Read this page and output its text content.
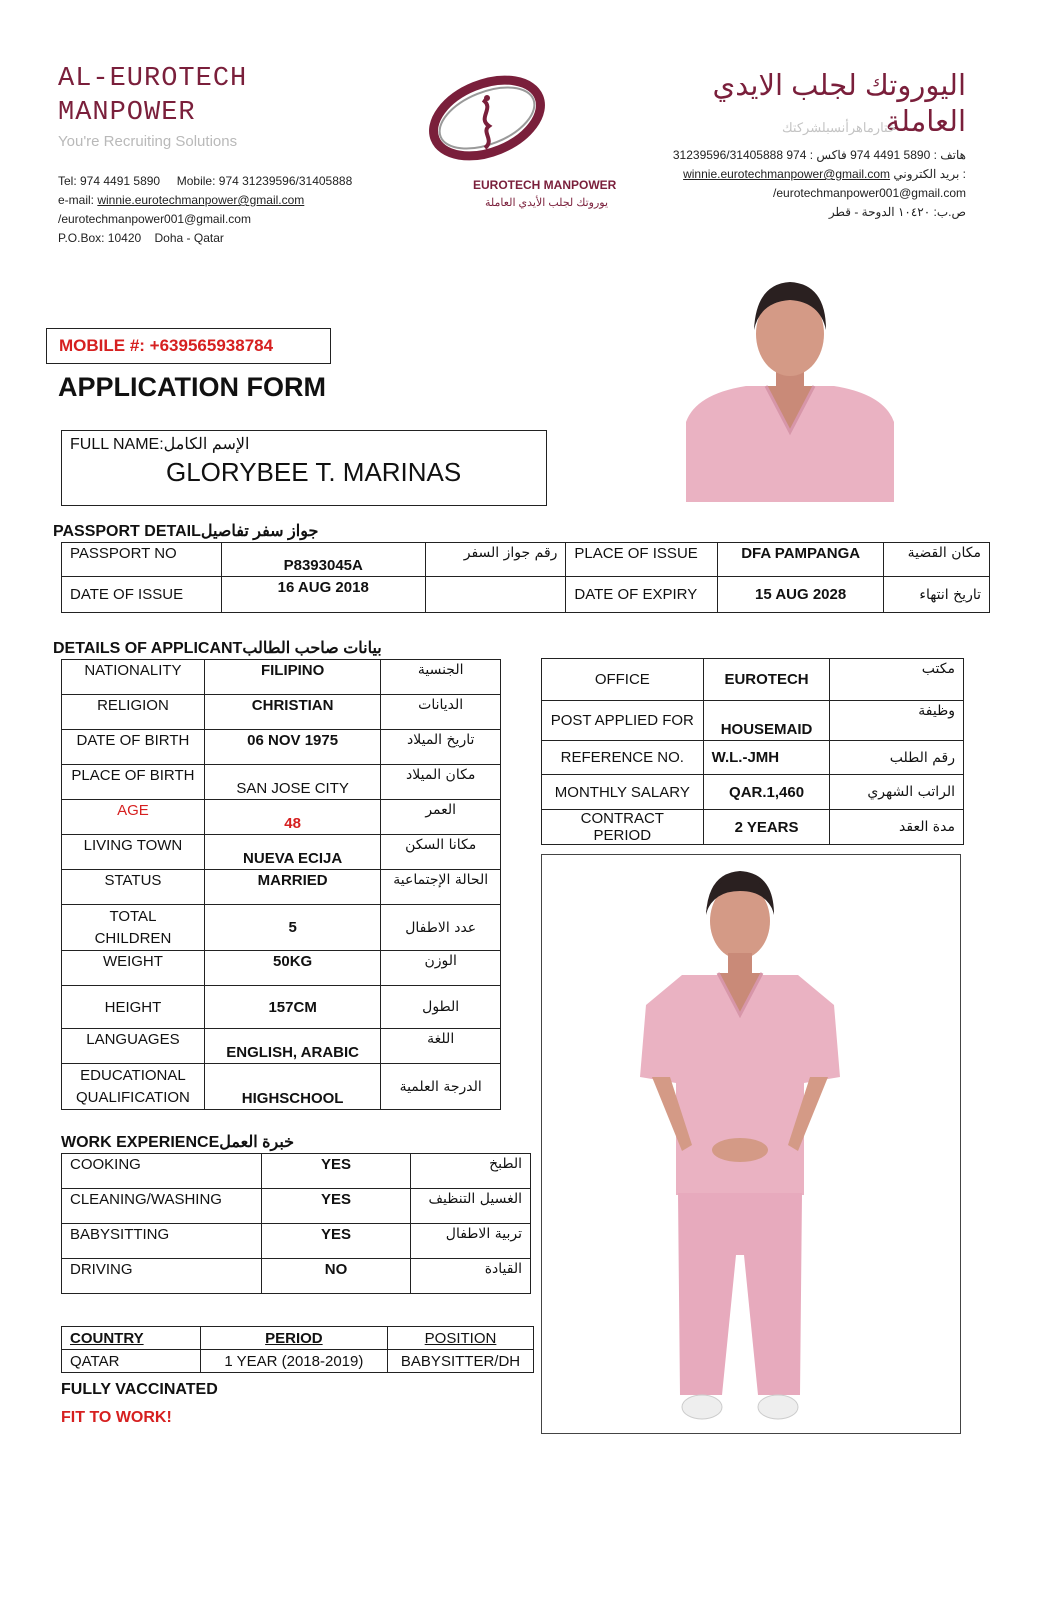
AL-EUROTECH
MANPOWER
You're Recruiting Solutions
Tel: 974 4491 5890     Mobile: 974 31239596/31405888
e-mail: winnie.eurotechmanpower@gmail.com
/eurotechmanpower001@gmail.com
P.O.Box: 10420    Doha - Qatar
EUROTECH MANPOWER
يوروتك لجلب الأيدي العاملة
اليوروتك لجلب الايدي
العاملة
ختارماهرأنسبلشركتك
هاتف : 5890 4491 974 فاكس : 974 31239596/31405888
winnie.eurotechmanpower@gmail.com بريد الكتروني :
/eurotechmanpower001@gmail.com
ص.ب: ١٠٤٢٠ الدوحة - قطر
MOBILE #: +639565938784
APPLICATION FORM
FULL NAME:الإسم الكامل
GLORYBEE T. MARINAS
PASSPORT DETAILجواز سفر تفاصيل
PASSPORT NO	P8393045A	رقم جواز السفر	PLACE OF ISSUE	DFA PAMPANGA	مكان القضية
DATE OF ISSUE	16 AUG 2018		DATE OF EXPIRY	15 AUG 2028	تاريخ انتهاء
DETAILS OF APPLICANTبيانات صاحب الطالب
NATIONALITY	FILIPINO	الجنسية
RELIGION	CHRISTIAN	الديانات
DATE OF BIRTH	06 NOV 1975	تاريخ الميلاد
PLACE OF BIRTH	SAN JOSE CITY	مكان الميلاد
AGE	48	العمر
LIVING TOWN	NUEVA ECIJA	مكانا السكن
STATUS	MARRIED	الحالة الإجتماعية
TOTAL CHILDREN	5	عدد الاطفال
WEIGHT	50KG	الوزن
HEIGHT	157CM	الطول
LANGUAGES	ENGLISH, ARABIC	اللغة
EDUCATIONAL QUALIFICATION	HIGHSCHOOL	الدرجة العلمية
OFFICE	EUROTECH	مكتب
POST APPLIED FOR	HOUSEMAID	وظيفة
REFERENCE NO.	W.L.-JMH	رقم الطلب
MONTHLY SALARY	QAR.1,460	الراتب الشهري
CONTRACT PERIOD	2 YEARS	مدة العقد
WORK EXPERIENCEخبرة العمل
COOKING	YES	الطبخ
CLEANING/WASHING	YES	الغسيل التنظيف
BABYSITTING	YES	تربية الاطفال
DRIVING	NO	القيادة
COUNTRY	PERIOD	POSITION
QATAR	1 YEAR (2018-2019)	BABYSITTER/DH
FULLY VACCINATED
FIT TO WORK!
